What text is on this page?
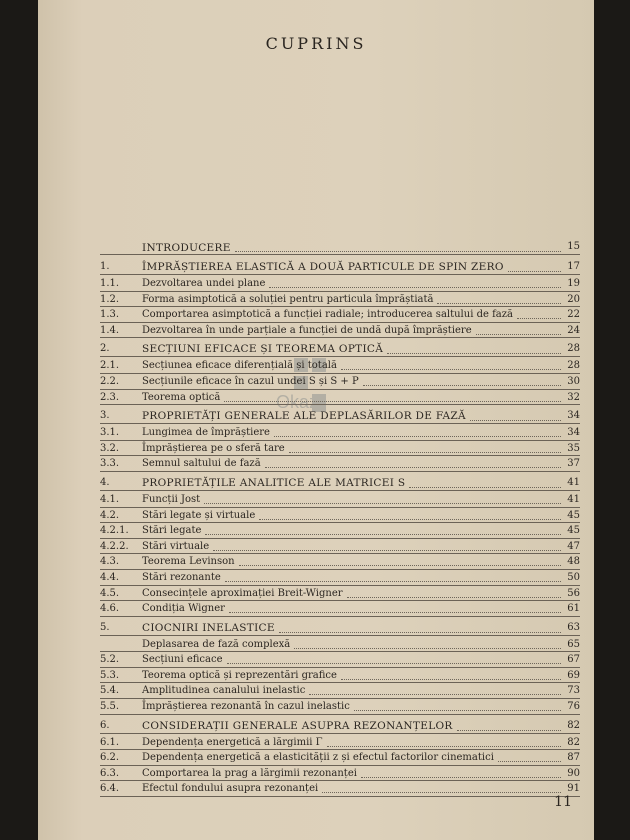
CUPRINS
Okazii
INTRODUCERE	15
1.	ÎMPRĂȘTIEREA ELASTICĂ A DOUĂ PARTICULE DE SPIN ZERO	17
1.1. Dezvoltarea undei plane	19
1.2. Forma asimptotică a soluției pentru particula împrăștiată	20
1.3. Comportarea asimptotică a funcției radiale; introducerea saltului de fază	22
1.4. Dezvoltarea în unde parțiale a funcției de undă după împrăștiere	24
2.	SECȚIUNI EFICACE ȘI TEOREMA OPTICĂ	28
2.1. Secțiunea eficace diferențială și totală	28
2.2. Secțiunile eficace în cazul undei S și S + P	30
2.3. Teorema optică	32
3.	PROPRIETĂȚI GENERALE ALE DEPLASĂRILOR DE FAZĂ	34
3.1. Lungimea de împrăștiere	34
3.2. Împrăștierea pe o sferă tare	35
3.3. Semnul saltului de fază	37
4.	PROPRIETĂȚILE ANALITICE ALE MATRICEI S	41
4.1. Funcții Jost	41
4.2. Stări legate și virtuale	45
4.2.1. Stări legate	45
4.2.2. Stări virtuale	47
4.3. Teorema Levinson	48
4.4. Stări rezonante	50
4.5. Consecințele aproximației Breit-Wigner	56
4.6. Condiția Wigner	61
5.	CIOCNIRI INELASTICE	63
Deplasarea de fază complexă	65
5.2. Secțiuni eficace	67
5.3. Teorema optică și reprezentări grafice	69
5.4. Amplitudinea canalului inelastic	73
5.5. Împrăștierea rezonantă în cazul inelastic	76
6.	CONSIDERAȚII GENERALE ASUPRA REZONANȚELOR	82
6.1. Dependența energetică a lărgimii Γ	82
6.2. Dependența energetică a elasticității z și efectul factorilor cinematici	87
6.3. Comportarea la prag a lărgimii rezonanței	90
6.4. Efectul fondului asupra rezonanței	91
11
